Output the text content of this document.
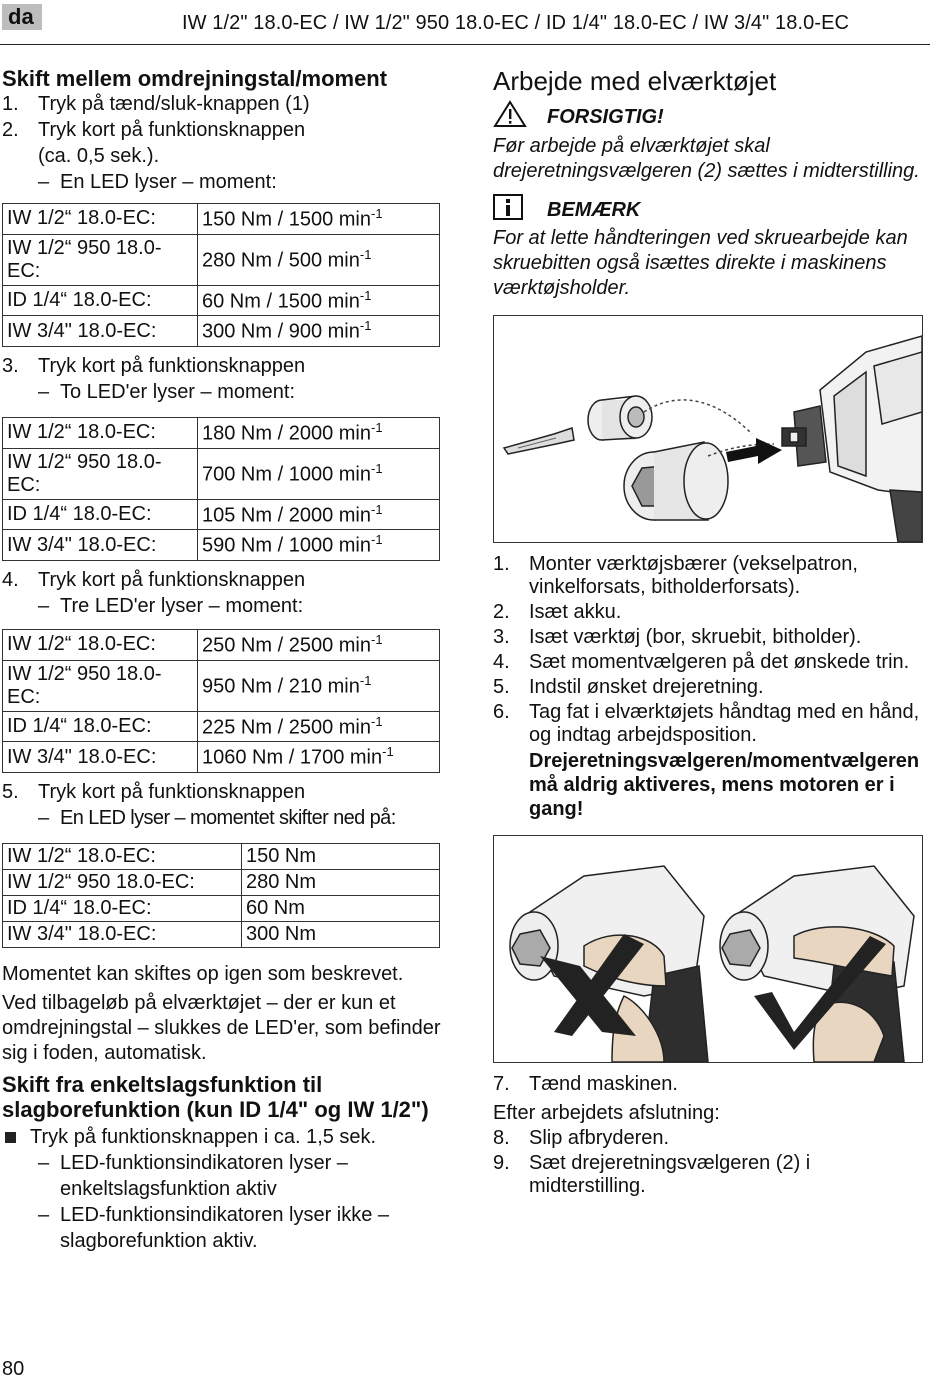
da	IW 1/2" 18.0-EC / IW 1/2" 950 18.0-EC / ID 1/4" 18.0-EC / IW 3/4" 18.0-EC
Skift mellem omdrejningstal/moment
1. Tryk på tænd/sluk-knappen (1)
2. Tryk kort på funktionsknappen
(ca. 0,5 sek.).
– En LED lyser – moment:
IW 1/2“ 18.0-EC:	150 Nm / 1500 $\min^{-1}$
IW 1/2“ 950 18.0-EC:	280 Nm / 500 $\min^{-1}$
ID 1/4“ 18.0-EC:	60 Nm / 1500 $\min^{-1}$
IW 3/4" 18.0-EC:	300 Nm / 900 $\min^{-1}$
3. Tryk kort på funktionsknappen
– To LED'er lyser – moment:
IW 1/2“ 18.0-EC:	180 Nm / 2000 $\min^{-1}$
IW 1/2“ 950 18.0-EC:	700 Nm / 1000 $\min^{-1}$
ID 1/4“ 18.0-EC:	105 Nm / 2000 $\min^{-1}$
IW 3/4" 18.0-EC:	590 Nm / 1000 $\min^{-1}$
4. Tryk kort på funktionsknappen
– Tre LED'er lyser – moment:
IW 1/2“ 18.0-EC:	250 Nm / 2500 $\min^{-1}$
IW 1/2“ 950 18.0-EC:	950 Nm / 210 $\min^{-1}$
ID 1/4“ 18.0-EC:	225 Nm / 2500 $\min^{-1}$
IW 3/4" 18.0-EC:	1060 Nm / 1700 $\min^{-1}$
5. Tryk kort på funktionsknappen
– En LED lyser – momentet skifter ned på:
IW 1/2“ 18.0-EC:	150 Nm
IW 1/2“ 950 18.0-EC:	280 Nm
ID 1/4“ 18.0-EC:	60 Nm
IW 3/4" 18.0-EC:	300 Nm
Momentet kan skiftes op igen som beskrevet.
Ved tilbageløb på elværktøjet – der er kun et omdrejningstal – slukkes de LED'er, som befinder sig i foden, automatisk.
Skift fra enkeltslagsfunktion til slagborefunktion (kun ID 1/4" og IW 1/2")
Tryk på funktionsknappen i ca. 1,5 sek.
– LED-funktionsindikatoren lyser – enkeltslagsfunktion aktiv
– LED-funktionsindikatoren lyser ikke – slagborefunktion aktiv.
Arbejde med elværktøjet
FORSIGTIG!
Før arbejde på elværktøjet skal drejeretningsvælgeren (2) sættes i midterstilling.
BEMÆRK
For at lette håndteringen ved skruearbejde kan skruebitten også isættes direkte i maskinens værktøjsholder.
1. Monter værktøjsbærer (vekselpatron, vinkelforsats, bitholderforsats).
2. Isæt akku.
3. Isæt værktøj (bor, skruebit, bitholder).
4. Sæt momentvælgeren på det ønskede trin.
5. Indstil ønsket drejeretning.
6. Tag fat i elværktøjets håndtag med en hånd, og indtag arbejdsposition.
Drejeretningsvælgeren/momentvælgeren må aldrig aktiveres, mens motoren er i gang!
7. Tænd maskinen.
Efter arbejdets afslutning:
8. Slip afbryderen.
9. Sæt drejeretningsvælgeren (2) i midterstilling.
80
